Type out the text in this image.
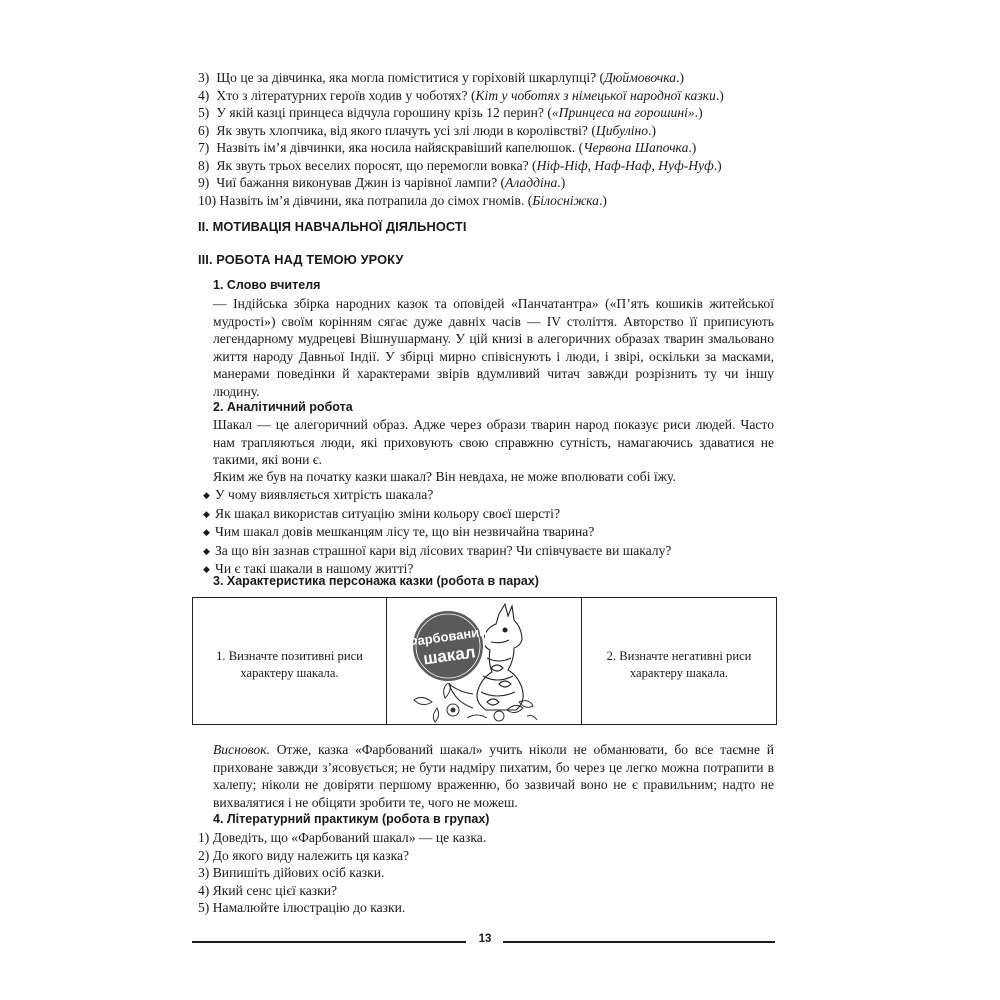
3) Що це за дівчинка, яка могла поміститися у горіховій шкарлупці? (Дюймовочка.)
4) Хто з літературних героїв ходив у чоботях? (Кіт у чоботях з німецької народної казки.)
5) У якій казці принцеса відчула горошину крізь 12 перин? («Принцеса на горошині».)
6) Як звуть хлопчика, від якого плачуть усі злі люди в королівстві? (Цибуліно.)
7) Назвіть ім’я дівчинки, яка носила найяскравіший капелюшок. (Червона Шапочка.)
8) Як звуть трьох веселих поросят, що перемогли вовка? (Ніф-Ніф, Наф-Наф, Нуф-Нуф.)
9) Чиї бажання виконував Джин із чарівної лампи? (Аладдіна.)
10) Назвіть ім’я дівчини, яка потрапила до сімох гномів. (Білосніжка.)
II. МОТИВАЦІЯ НАВЧАЛЬНОЇ ДІЯЛЬНОСТІ
III. РОБОТА НАД ТЕМОЮ УРОКУ
1. Слово вчителя
— Індійська збірка народних казок та оповідей «Панчатантра» («П’ять кошиків житейської мудрості») своїм корінням сягає дуже давніх часів — IV століття. Авторство її приписують легендарному мудрецеві Вішнушарману. У цій книзі в алегоричних образах тварин змальовано життя народу Давньої Індії. У збірці мирно співіснують і люди, і звірі, оскільки за масками, манерами поведінки й характерами звірів вдумливий читач завжди розрізнить ту чи іншу людину.
2. Аналітичний робота
Шакал — це алегоричний образ. Адже через образи тварин народ показує риси людей. Часто нам трапляються люди, які приховують свою справжню сутність, намагаючись здаватися не такими, які вони є.
Яким же був на початку казки шакал? Він невдаха, не може вполювати собі їжу.
◆ У чому виявляється хитрість шакала?
◆ Як шакал використав ситуацію зміни кольору своєї шерсті?
◆ Чим шакал довів мешканцям лісу те, що він незвичайна тварина?
◆ За що він зазнав страшної кари від лісових тварин? Чи співчуваєте ви шакалу?
◆ Чи є такі шакали в нашому житті?
3. Характеристика персонажа казки (робота в парах)
1. Визначте позитивні риси характеру шакала.
Фарбований
шакал	2. Визначте негативні риси характеру шакала.
Висновок. Отже, казка «Фарбований шакал» учить ніколи не обманювати, бо все таємне й приховане завжди з’ясовується; не бути надміру пихатим, бо через це легко можна потрапити в халепу; ніколи не довіряти першому враженню, бо зазвичай воно не є правильним; надто не вихвалятися і не обіцяти зробити те, чого не можеш.
4. Літературний практикум (робота в групах)
1) Доведіть, що «Фарбований шакал» — це казка.
2) До якого виду належить ця казка?
3) Випишіть дійових осіб казки.
4) Який сенс цієї казки?
5) Намалюйте ілюстрацію до казки.
13
